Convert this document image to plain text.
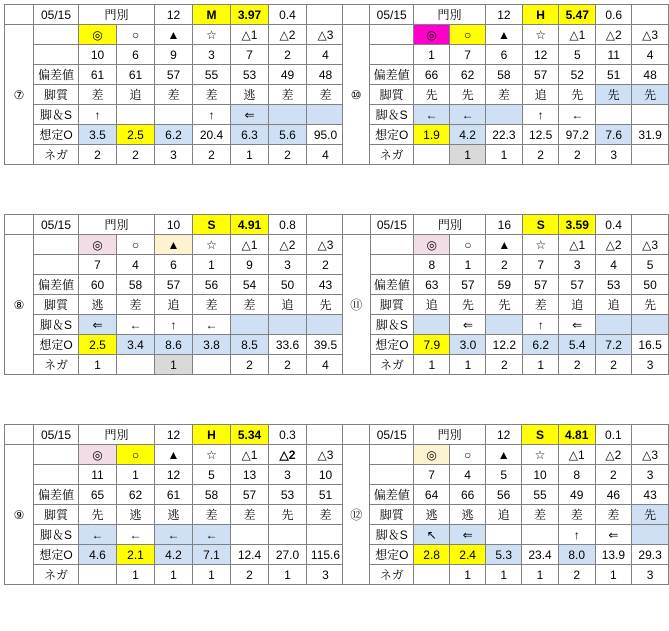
	05/15	門別		12	M	3.97	0.4	
⑦		◎	○	▲	☆	△1	△2	△3
		10	6	9	3	7	2	4
	偏差値	61	61	57	55	53	49	48
	脚質	差	追	差	差	逃	差	差
	脚＆S	↑			↑	⇐		
	想定O	3.5	2.5	6.2	20.4	6.3	5.6	95.0
	ネガ	2	2	3	2	1	2	4
	05/15	門別		12	H	5.47	0.6	
⑩		◎	○	▲	☆	△1	△2	△3
		1	7	6	12	5	11	4
	偏差値	66	62	58	57	52	51	48
	脚質	先	先	差	追	先	先	先
	脚＆S	←	←		↑	←		
	想定O	1.9	4.2	22.3	12.5	97.2	7.6	31.9
	ネガ		1	1	2	2	3	
	05/15	門別		10	S	4.91	0.8	
⑧		◎	○	▲	☆	△1	△2	△3
		7	4	6	1	9	3	2
	偏差値	60	58	57	56	54	50	43
	脚質	逃	差	追	差	差	追	先
	脚＆S	⇐	←	↑	←			
	想定O	2.5	3.4	8.6	3.8	8.5	33.6	39.5
	ネガ	1		1		2	2	4
	05/15	門別		16	S	3.59	0.4	
⑪		◎	○	▲	☆	△1	△2	△3
		8	1	2	7	3	4	5
	偏差値	63	57	59	57	57	53	50
	脚質	追	先	先	差	追	追	先
	脚＆S		⇐		↑	⇐		
	想定O	7.9	3.0	12.2	6.2	5.4	7.2	16.5
	ネガ	1	1	2	1	2	2	3
	05/15	門別		12	H	5.34	0.3	
⑨		◎	○	▲	☆	△1	△2	△3
		11	1	12	5	13	3	10
	偏差値	65	62	61	58	57	53	51
	脚質	先	逃	逃	差	差	先	差
	脚＆S	←	←	←	←			
	想定O	4.6	2.1	4.2	7.1	12.4	27.0	115.6
	ネガ		1	1	1	2	1	3
	05/15	門別		12	S	4.81	0.1	
⑫		◎	○	▲	☆	△1	△2	△3
		7	4	5	10	8	2	3
	偏差値	64	66	56	55	49	46	43
	脚質	逃	逃	追	差	差	差	先
	脚＆S	↖	⇐			↑	⇐	
	想定O	2.8	2.4	5.3	23.4	8.0	13.9	29.3
	ネガ		1	1	1	2	1	3
